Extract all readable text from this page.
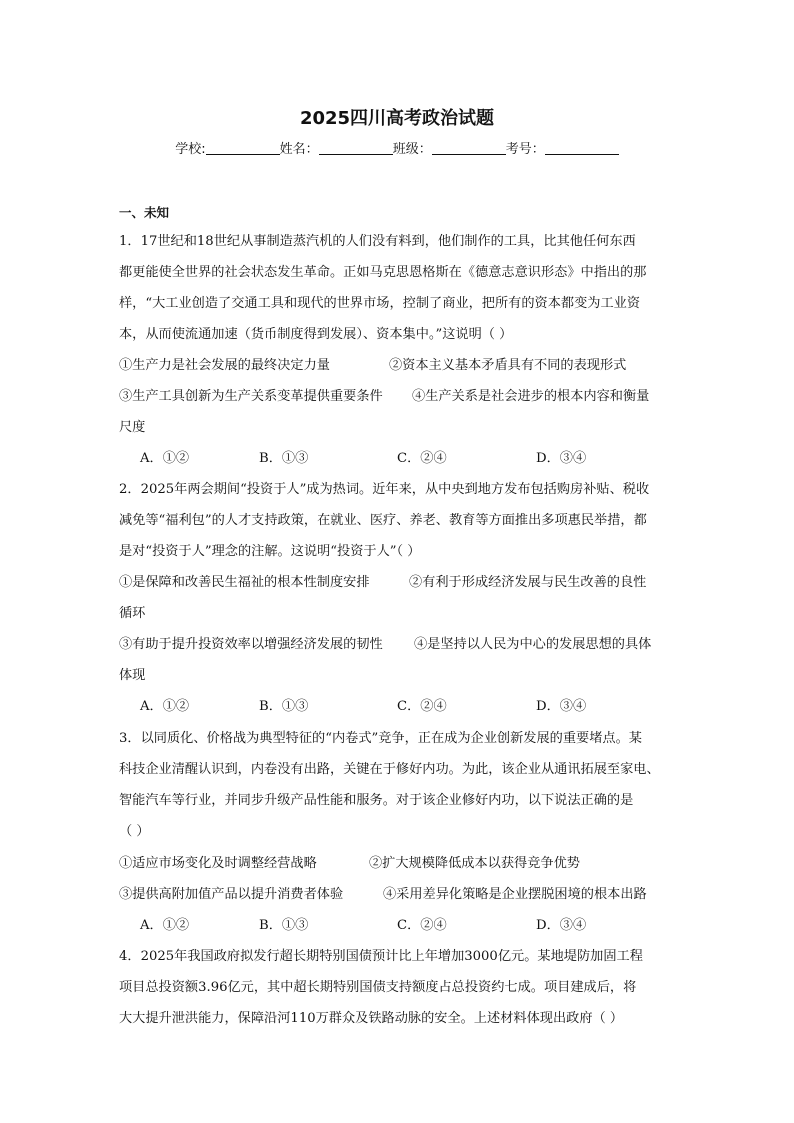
2025四川高考政治试题
学校:	姓名：	班级：	考号：
一、未知
1．17世纪和18世纪从事制造蒸汽机的人们没有料到，他们制作的工具，比其他任何东西
都更能使全世界的社会状态发生革命。正如马克思恩格斯在《德意志意识形态》中指出的那
样，“大工业创造了交通工具和现代的世界市场，控制了商业，把所有的资本都变为工业资
本，从而使流通加速（货币制度得到发展）、资本集中。”这说明（ ）
①生产力是社会发展的最终决定力量	②资本主义基本矛盾具有不同的表现形式
③生产工具创新为生产关系变革提供重要条件	④生产关系是社会进步的根本内容和衡量
尺度
A．①②	B．①③	C．②④	D．③④
2．2025年两会期间“投资于人”成为热词。近年来，从中央到地方发布包括购房补贴、税收
减免等“福利包”的人才支持政策，在就业、医疗、养老、教育等方面推出多项惠民举措，都
是对“投资于人”理念的注解。这说明“投资于人”（ ）
①是保障和改善民生福祉的根本性制度安排	②有利于形成经济发展与民生改善的良性
循环
③有助于提升投资效率以增强经济发展的韧性	④是坚持以人民为中心的发展思想的具体
体现
A．①②	B．①③	C．②④	D．③④
3．以同质化、价格战为典型特征的“内卷式”竞争，正在成为企业创新发展的重要堵点。某
科技企业清醒认识到，内卷没有出路，关键在于修好内功。为此，该企业从通讯拓展至家电、
智能汽车等行业，并同步升级产品性能和服务。对于该企业修好内功，以下说法正确的是
（ ）
①适应市场变化及时调整经营战略	②扩大规模降低成本以获得竞争优势
③提供高附加值产品以提升消费者体验	④采用差异化策略是企业摆脱困境的根本出路
A．①②	B．①③	C．②④	D．③④
4．2025年我国政府拟发行超长期特别国债预计比上年增加3000亿元。某地堤防加固工程
项目总投资额3.96亿元，其中超长期特别国债支持额度占总投资约七成。项目建成后，将
大大提升泄洪能力，保障沿河110万群众及铁路动脉的安全。上述材料体现出政府（ ）
